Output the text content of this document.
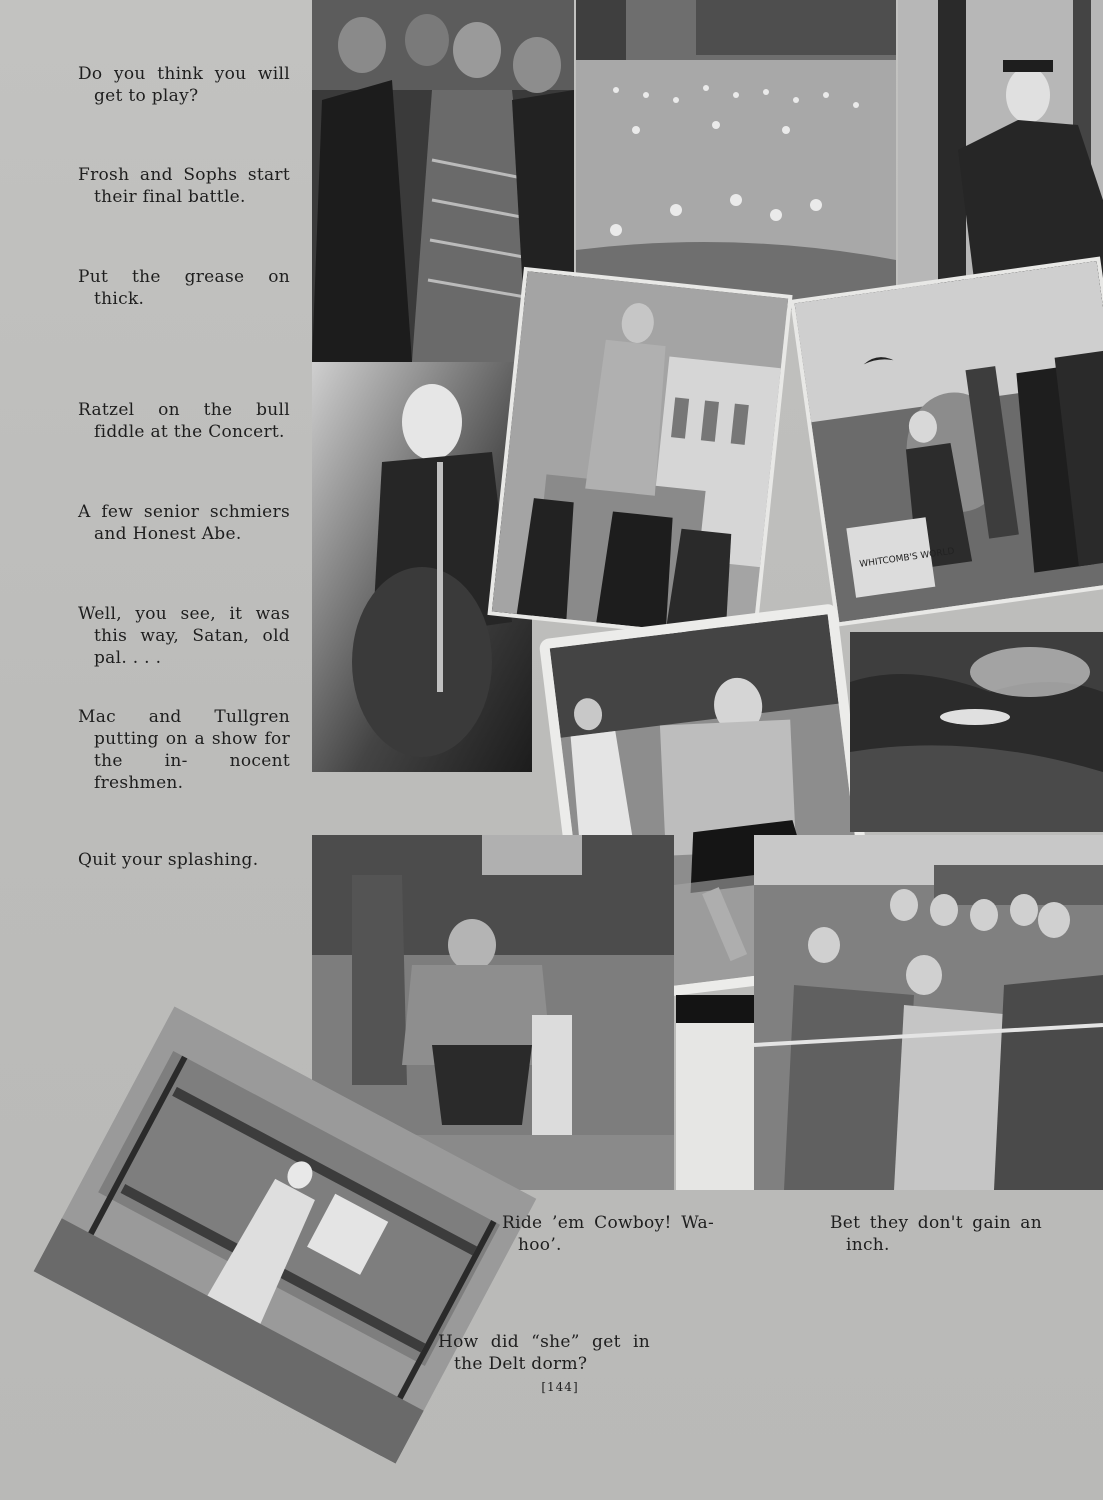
Do you think you will get to play?
Frosh and Sophs start their final battle.
Put the grease on thick.
Ratzel on the bull fiddle at the Concert.
A few senior schmiers and Honest Abe.
Well, you see, it was this way, Satan, old pal. . . .
Mac and Tullgren putting on a show for the in- nocent freshmen.
Quit your splashing.
WHITCOMB'S WORLD
Ride ’em Cowboy! Wa- hoo’.
Bet they don't gain an inch.
How did “she” get in the Delt dorm?
[144]
